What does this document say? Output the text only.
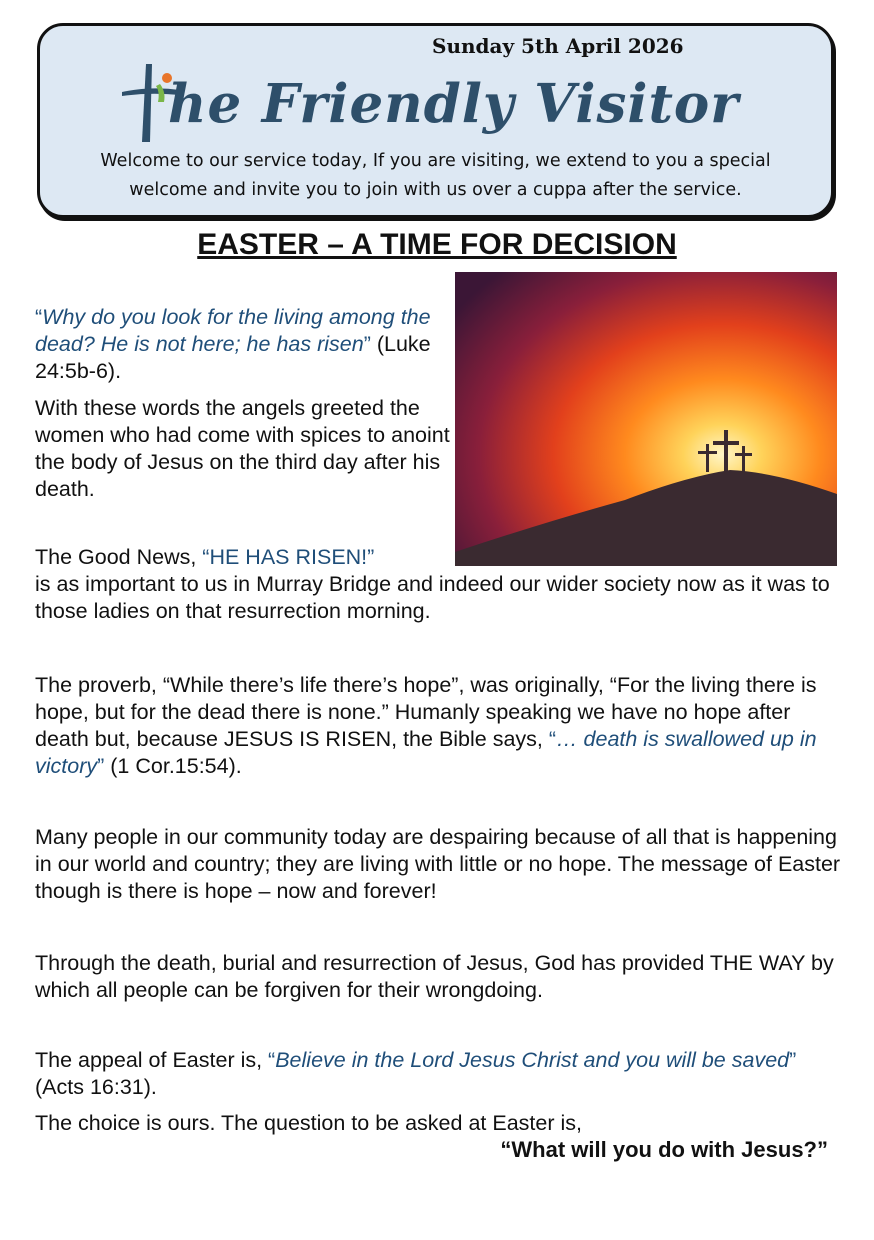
Sunday 5th April 2026
he Friendly Visitor
Welcome to our service today, If you are visiting, we extend to you a special
welcome and invite you to join with us over a cuppa after the service.
EASTER – A TIME FOR DECISION
“Why do you look for the living among the dead? He is not here; he has risen” (Luke 24:5b-6).
With these words the angels greeted the women who had come with spices to anoint the body of Jesus on the third day after his death.
The Good News, “HE HAS RISEN!”
is as important to us in Murray Bridge and indeed our wider society now as it was to those ladies on that resurrection morning.
The proverb, “While there’s life there’s hope”, was originally, “For the living there is hope, but for the dead there is none.” Humanly speaking we have no hope after death but, because JESUS IS RISEN, the Bible says, “… death is swallowed up in victory” (1 Cor.15:54).
Many people in our community today are despairing because of all that is happening in our world and country; they are living with little or no hope. The message of Easter though is there is hope – now and forever!
Through the death, burial and resurrection of Jesus, God has provided THE WAY by which all people can be forgiven for their wrongdoing.
The appeal of Easter is, “Believe in the Lord Jesus Christ and you will be saved” (Acts 16:31).
The choice is ours. The question to be asked at Easter is,
“What will you do with Jesus?”
